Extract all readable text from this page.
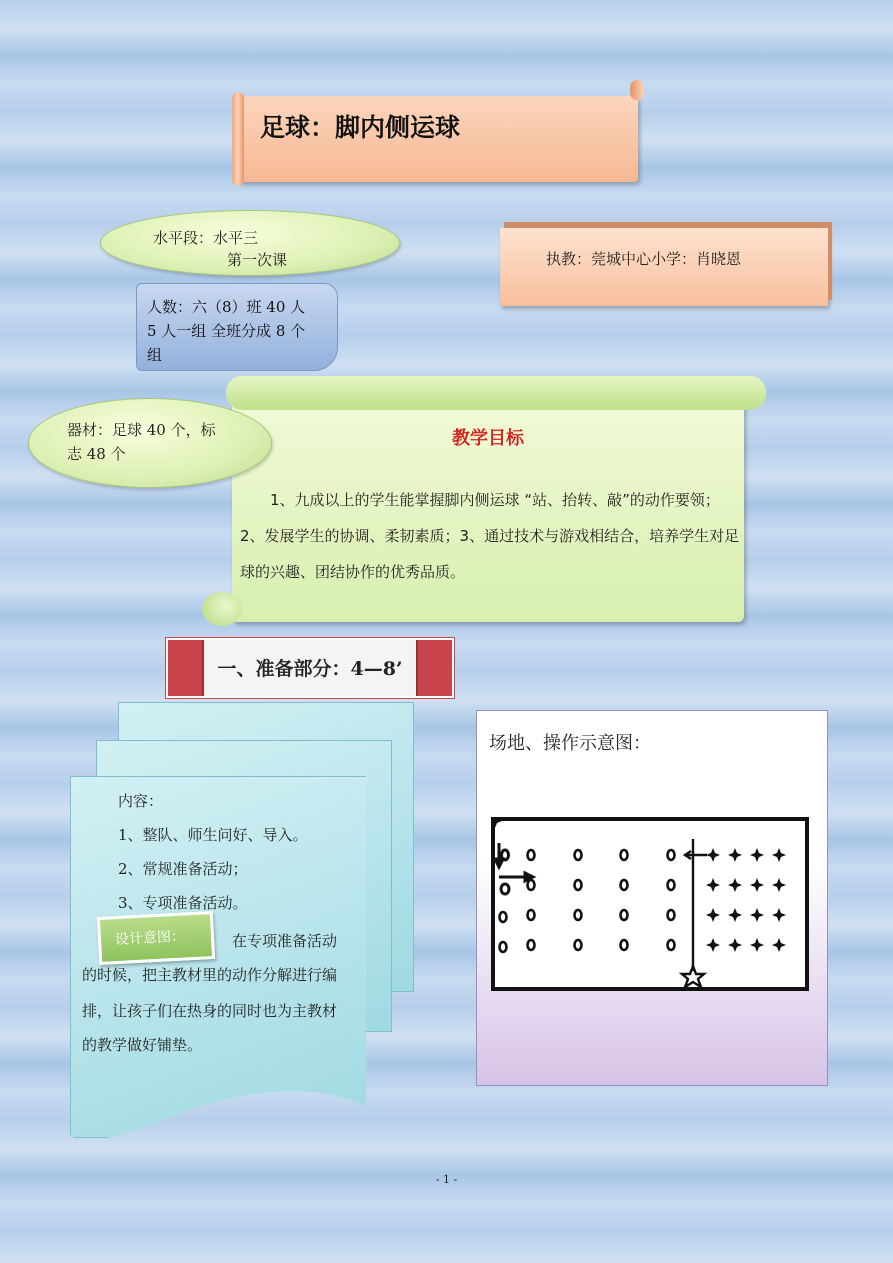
足球：脚内侧运球
水平段：水平三
第一次课	执教：莞城中心小学：肖晓恩
人数：六（8）班 40 人
5 人一组 全班分成 8 个
组
教学目标

1、九成以上的学生能掌握脚内侧运球 “站、抬转、敲”的动作要领；2、发展学生的协调、柔韧素质；3、通过技术与游戏相结合，培养学生对足球的兴趣、团结协作的优秀品质。

器材：足球 40 个，标
志 48 个
一、准备部分：4—8’
内容：
1、整队、师生问好、导入。
2、常规准备活动；
3、专项准备活动。
设计意图：	在专项准备活动
的时候，把主教材里的动作分解进行编
排，让孩子们在热身的同时也为主教材
的教学做好铺垫。
场地、操作示意图：
- 1 -
